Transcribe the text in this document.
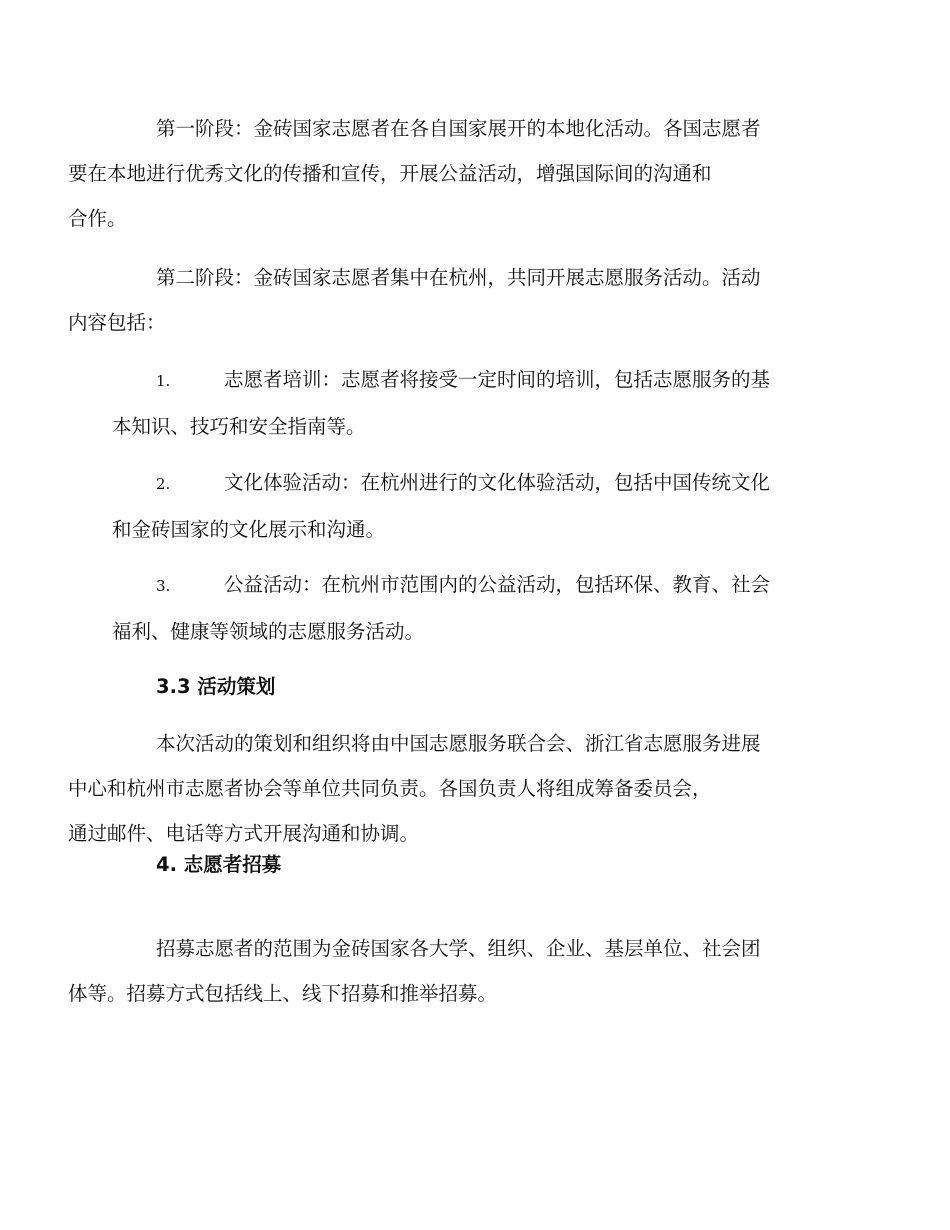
第一阶段：金砖国家志愿者在各自国家展开的本地化活动。各国志愿者
要在本地进行优秀文化的传播和宣传，开展公益活动，增强国际间的沟通和
合作。

第二阶段：金砖国家志愿者集中在杭州，共同开展志愿服务活动。活动
内容包括：

1.	志愿者培训：志愿者将接受一定时间的培训，包括志愿服务的基
本知识、技巧和安全指南等。
2.	文化体验活动：在杭州进行的文化体验活动，包括中国传统文化
和金砖国家的文化展示和沟通。
3.	公益活动：在杭州市范围内的公益活动，包括环保、教育、社会
福利、健康等领域的志愿服务活动。
3.3 活动策划

本次活动的策划和组织将由中国志愿服务联合会、浙江省志愿服务进展
中心和杭州市志愿者协会等单位共同负责。各国负责人将组成筹备委员会，
通过邮件、电话等方式开展沟通和协调。

4. 志愿者招募

招募志愿者的范围为金砖国家各大学、组织、企业、基层单位、社会团
体等。招募方式包括线上、线下招募和推举招募。
